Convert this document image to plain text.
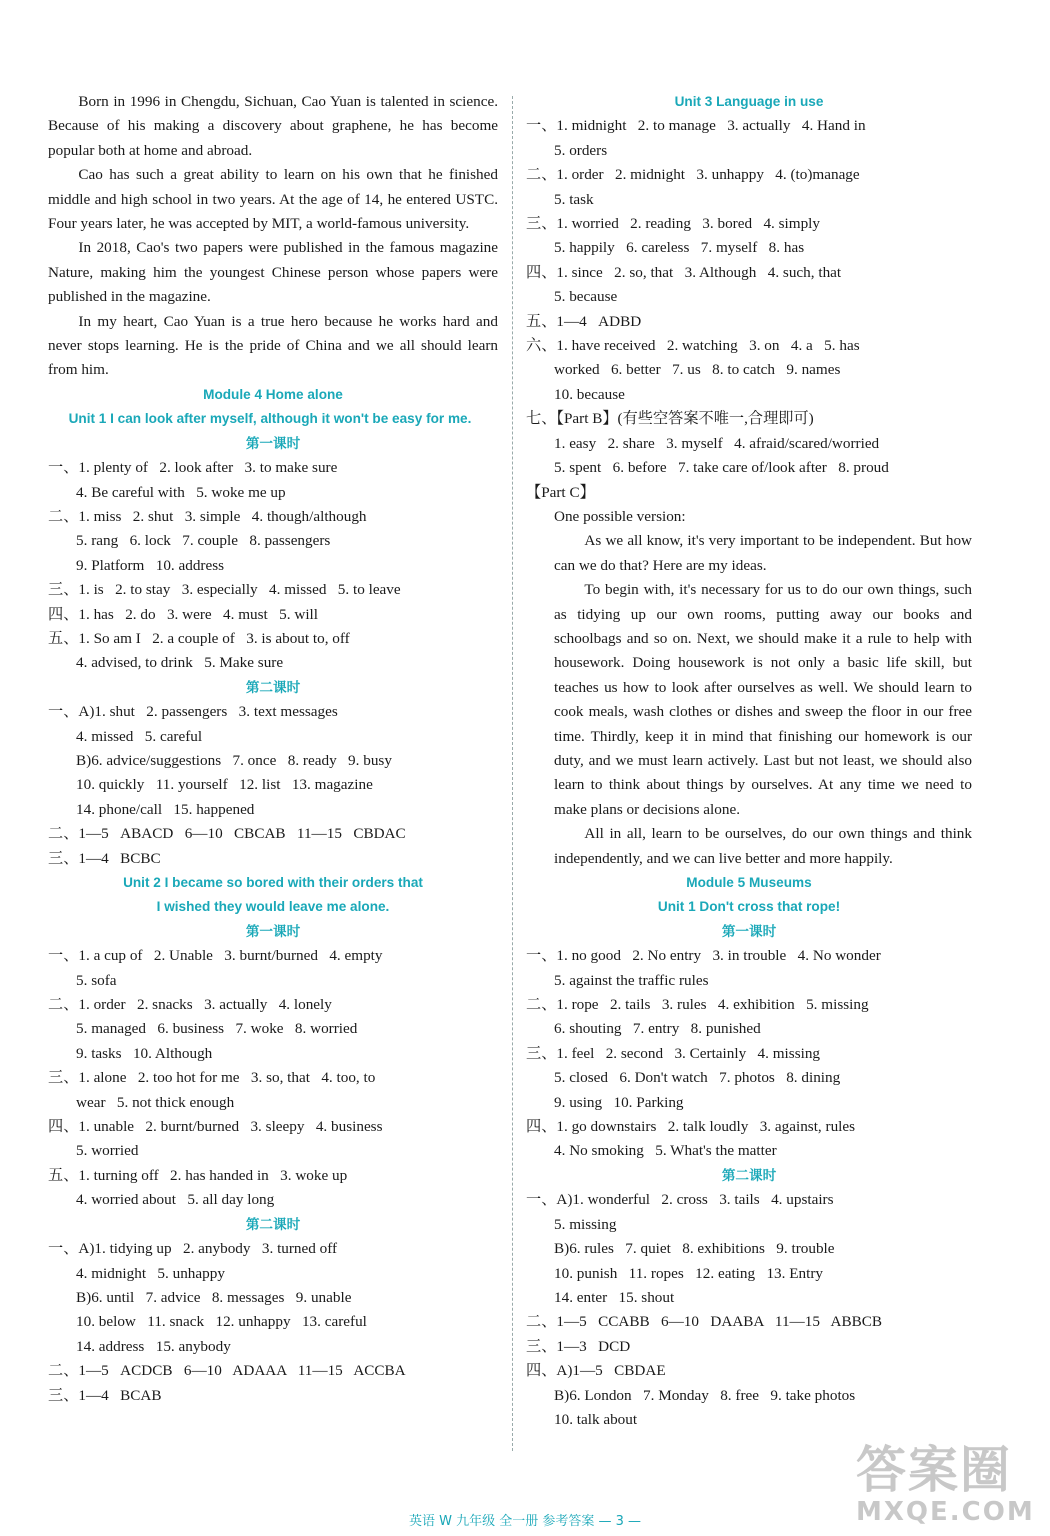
Born in 1996 in Chengdu, Sichuan, Cao Yuan is talented in science. Because of his making a discovery about graphene, he has become popular both at home and abroad.

Cao has such a great ability to learn on his own that he finished middle and high school in two years. At the age of 14, he entered USTC. Four years later, he was accepted by MIT, a world-famous university.

In 2018, Cao's two papers were published in the famous magazine Nature, making him the youngest Chinese person whose papers were published in the magazine.

In my heart, Cao Yuan is a true hero because he works hard and never stops learning. He is the pride of China and we all should learn from him.

Module 4 Home alone

Unit 1 I can look after myself, although it won't be easy for me.

第一课时

一、1. plenty of   2. look after   3. to make sure

4. Be careful with   5. woke me up

二、1. miss   2. shut   3. simple   4. though/although

5. rang   6. lock   7. couple   8. passengers

9. Platform   10. address

三、1. is   2. to stay   3. especially   4. missed   5. to leave

四、1. has   2. do   3. were   4. must   5. will

五、1. So am I   2. a couple of   3. is about to, off

4. advised, to drink   5. Make sure

第二课时

一、A)1. shut   2. passengers   3. text messages

4. missed   5. careful

B)6. advice/suggestions   7. once   8. ready   9. busy

10. quickly   11. yourself   12. list   13. magazine

14. phone/call   15. happened

二、1—5   ABACD   6—10   CBCAB   11—15   CBDAC

三、1—4   BCBC

Unit 2 I became so bored with their orders that

I wished they would leave me alone.

第一课时

一、1. a cup of   2. Unable   3. burnt/burned   4. empty

5. sofa

二、1. order   2. snacks   3. actually   4. lonely

5. managed   6. business   7. woke   8. worried

9. tasks   10. Although

三、1. alone   2. too hot for me   3. so, that   4. too, to

wear   5. not thick enough

四、1. unable   2. burnt/burned   3. sleepy   4. business

5. worried

五、1. turning off   2. has handed in   3. woke up

4. worried about   5. all day long

第二课时

一、A)1. tidying up   2. anybody   3. turned off

4. midnight   5. unhappy

B)6. until   7. advice   8. messages   9. unable

10. below   11. snack   12. unhappy   13. careful

14. address   15. anybody

二、1—5   ACDCB   6—10   ADAAA   11—15   ACCBA

三、1—4   BCAB

Unit 3 Language in use

一、1. midnight   2. to manage   3. actually   4. Hand in

5. orders

二、1. order   2. midnight   3. unhappy   4. (to)manage

5. task

三、1. worried   2. reading   3. bored   4. simply

5. happily   6. careless   7. myself   8. has

四、1. since   2. so, that   3. Although   4. such, that

5. because

五、1—4   ADBD

六、1. have received   2. watching   3. on   4. a   5. has

worked   6. better   7. us   8. to catch   9. names

10. because

七、【Part B】(有些空答案不唯一,合理即可)

1. easy   2. share   3. myself   4. afraid/scared/worried

5. spent   6. before   7. take care of/look after   8. proud

【Part C】

One possible version:

As we all know, it's very important to be independent. But how can we do that? Here are my ideas.

To begin with, it's necessary for us to do our own things, such as tidying up our own rooms, putting away our books and schoolbags and so on. Next, we should make it a rule to help with housework. Doing housework is not only a basic life skill, but teaches us how to look after ourselves as well. We should learn to cook meals, wash clothes or dishes and sweep the floor in our free time. Thirdly, keep it in mind that finishing our homework is our duty, and we must learn actively. Last but not least, we should also learn to think about things by ourselves. At any time we need to make plans or decisions alone.

All in all, learn to be ourselves, do our own things and think independently, and we can live better and more happily.

Module 5 Museums

Unit 1 Don't cross that rope!

第一课时

一、1. no good   2. No entry   3. in trouble   4. No wonder

5. against the traffic rules

二、1. rope   2. tails   3. rules   4. exhibition   5. missing

6. shouting   7. entry   8. punished

三、1. feel   2. second   3. Certainly   4. missing

5. closed   6. Don't watch   7. photos   8. dining

9. using   10. Parking

四、1. go downstairs   2. talk loudly   3. against, rules

4. No smoking   5. What's the matter

第二课时

一、A)1. wonderful   2. cross   3. tails   4. upstairs

5. missing

B)6. rules   7. quiet   8. exhibitions   9. trouble

10. punish   11. ropes   12. eating   13. Entry

14. enter   15. shout

二、1—5   CCABB   6—10   DAABA   11—15   ABBCB

三、1—3   DCD

四、A)1—5   CBDAE

B)6. London   7. Monday   8. free   9. take photos

10. talk about

英语 W 九年级 全一册 参考答案 — 3 —
答案圈
MXQE.COM
